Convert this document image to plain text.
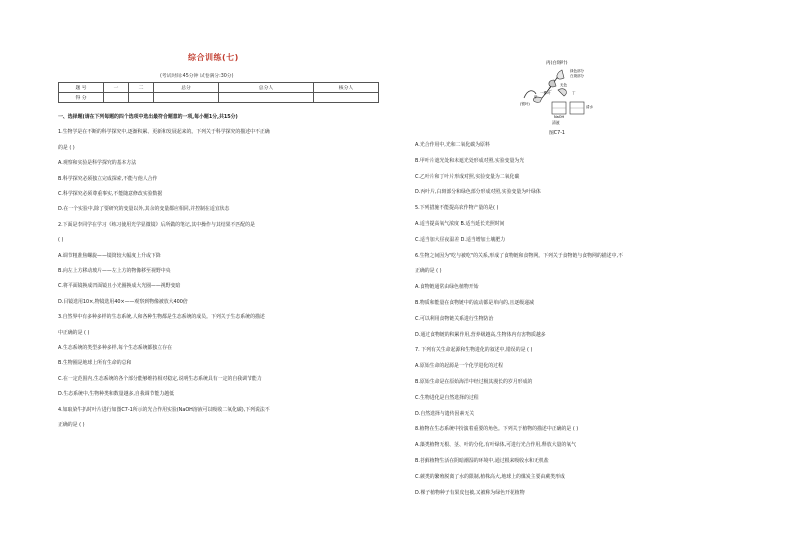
综合训练(七)
(考试时间:45分钟 试卷满分:30分)
题 号	一	二	总分	总分人	核分人
得 分					
一、选择题(请在下列每题的四个选项中选出最符合题意的一项,每小题1分,共15分)
1.生物学是在不断的科学探究中,逐渐积累、更新和发展起来的。下列关于科学探究的描述中不正确
的是 ( )
A.观察和实验是科学探究的基本方法
B.科学探究必须独立完成探索,不能与他人合作
C.科学探究必须尊重事实,不能随意修改实验数据
D.在一个实验中,除了要研究的变量以外,其余的变量都应相同,并控制在适宜状态
2.下面是李同学在学习《练习使用光学显微镜》后所做的笔记,其中操作与其结果不匹配的是
( )
A.调节粗准焦螺旋——镜筒较大幅度上升或下降
B.向左上方移动玻片——左上方的物像移至视野中央
C.将平面镜换成凹面镜且小光圈换成大光圈——视野变暗
D.目镜选用10×,物镜选用40×——观察到物像被放大400倍
3.自然界中有多种多样的生态系统,人和各种生物都是生态系统的成员。下列关于生态系统的描述
中正确的是 ( )
A.生态系统的类型多种多样,每个生态系统都独立存在
B.生物圈是地球上所有生命的总和
C.在一定范围内,生态系统的各个部分能够维持相对稳定,说明生态系统具有一定的自我调节能力
D.生态系统中,生物种类和数量越多,自我调节能力越低
4.如取染牛扒时叶片进行如图C7-1所示的光合作用实验(NaOH溶液可以吸收二氧化碳),下列说法不
正确的是 ( )
丙(白斑叶)
绿色部分
白斑部分
乙
丁
甲
(银叶)
一株叶
无色
清水
NaOH
清液
图C7-1
A.光合作用中,光和二氧化碳为原料
B.甲叶片遮光处和未遮光处形成对照,实验变量为光
C.乙叶片和丁叶片形成对照,实验变量为二氧化碳
D.丙叶片,白斑部分和绿色部分形成对照,实验变量为叶绿体
5.下列措施不能提高农作物产量的是( )
A.适当提高氧气浓度 B.适当延长光照时间
C.适当加大昼夜温差 D.适当增加土壤肥力
6.生物之间因为"吃与被吃"的关系,形成了食物链和食物网。下列关于食物链与食物网的描述中,不
正确的是 ( )
A.食物链通常由绿色植物开始
B.物质和能量在食物链中的流动都是单向的,且逐级递减
C.可以利用食物链关系进行生物防治
D.通过食物链的积累作用,营养级越高,生物体内有害物质越多
7. 下列有关生命起源和生物进化的叙述中,错误的是 ( )
A.原始生命的起源是一个化学进化的过程
B.原始生命是在原始海洋中经过极其漫长的岁月形成的
C.生物进化是自然选择的过程
D.自然选择与遗传因素无关
8.植物在生态系统中扮演着重要的角色。下列关于植物的描述中正确的是 ( )
A.藻类植物无根、茎、叶的分化,有叶绿体,可进行光合作用,释放大量的氧气
B.苔藓植物生活在阴暗潮湿的环境中,通过根来吸收水和无机盐
C.蕨类的繁殖脱离了水的限制,植株高大,地球上的煤炭主要由蕨类形成
D.裸子植物种子有果皮包被,又被称为绿色开花植物
